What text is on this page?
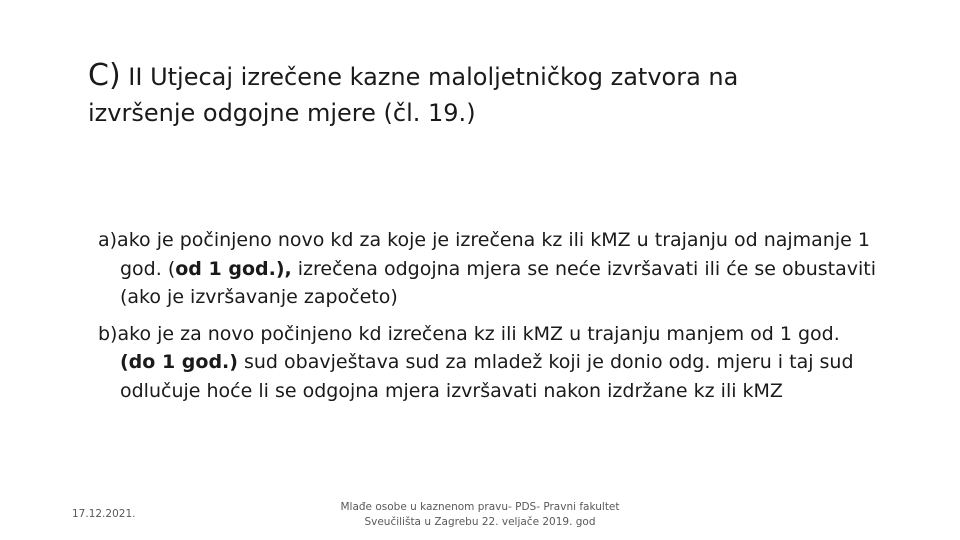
C) II Utjecaj izrečene kazne maloljetničkog zatvora na
izvršenje odgojne mjere (čl. 19.)

a)ako je počinjeno novo kd za koje je izrečena kz ili kMZ u trajanju od najmanje 1 god. (od 1 god.), izrečena odgojna mjera se neće izvršavati ili će se obustaviti (ako je izvršavanje započeto)

b)ako je za novo počinjeno kd izrečena kz ili kMZ u trajanju manjem od 1 god. (do 1 god.) sud obavještava sud za mladež koji je donio odg. mjeru i taj sud odlučuje hoće li se odgojna mjera izvršavati nakon izdržane kz ili kMZ

17.12.2021.
Mlađe osobe u kaznenom pravu- PDS- Pravni fakultet
Sveučilišta u Zagrebu 22. veljače 2019. god
